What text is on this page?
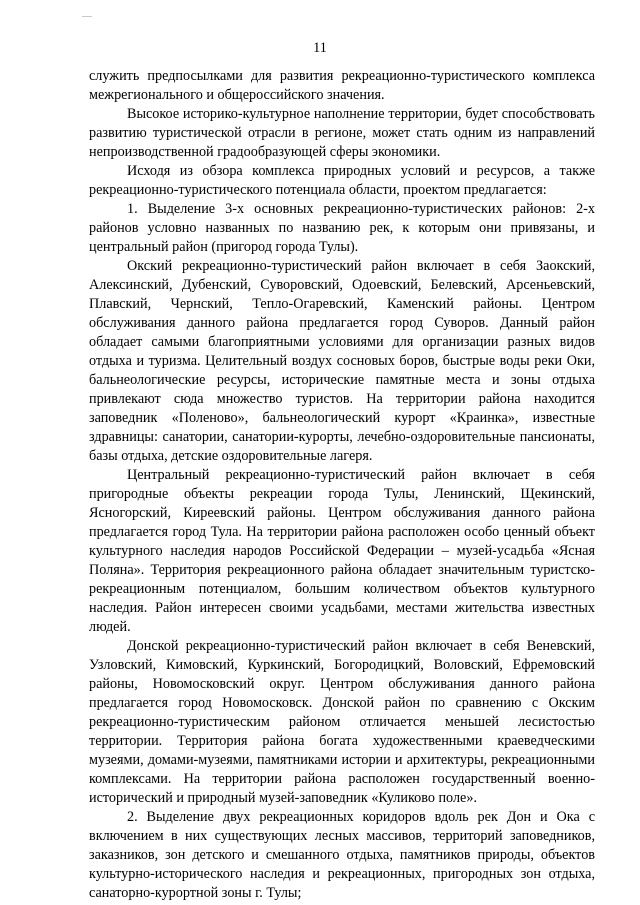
11

служить предпосылками для развития рекреационно-туристического комплекса межрегионального и общероссийского значения.

Высокое историко-культурное наполнение территории, будет способствовать развитию туристической отрасли в регионе, может стать одним из направлений непроизводственной градообразующей сферы экономики.

Исходя из обзора комплекса природных условий и ресурсов, а также рекреационно-туристического потенциала области, проектом предлагается:

1. Выделение 3-х основных рекреационно-туристических районов: 2-х районов условно названных по названию рек, к которым они привязаны, и центральный район (пригород города Тулы).

Окский рекреационно-туристический район включает в себя Заокский, Алексинский, Дубенский, Суворовский, Одоевский, Белевский, Арсеньевский, Плавский, Чернский, Тепло-Огаревский, Каменский районы. Центром обслуживания данного района предлагается город Суворов. Данный район обладает самыми благоприятными условиями для организации разных видов отдыха и туризма. Целительный воздух сосновых боров, быстрые воды реки Оки, бальнеологические ресурсы, исторические памятные места и зоны отдыха привлекают сюда множество туристов. На территории района находится заповедник «Поленово», бальнеологический курорт «Краинка», известные здравницы: санатории, санатории-курорты, лечебно-оздоровительные пансионаты, базы отдыха, детские оздоровительные лагеря.

Центральный рекреационно-туристический район включает в себя пригородные объекты рекреации города Тулы, Ленинский, Щекинский, Ясногорский, Киреевский районы. Центром обслуживания данного района предлагается город Тула. На территории района расположен особо ценный объект культурного наследия народов Российской Федерации – музей-усадьба «Ясная Поляна». Территория рекреационного района обладает значительным туристско-рекреационным потенциалом, большим количеством объектов культурного наследия. Район интересен своими усадьбами, местами жительства известных людей.

Донской рекреационно-туристический район включает в себя Веневский, Узловский, Кимовский, Куркинский, Богородицкий, Воловский, Ефремовский районы, Новомосковский округ. Центром обслуживания данного района предлагается город Новомосковск. Донской район по сравнению с Окским рекреационно-туристическим районом отличается меньшей лесистостью территории. Территория района богата художественными краеведческими музеями, домами-музеями, памятниками истории и архитектуры, рекреационными комплексами. На территории района расположен государственный военно-исторический и природный музей-заповедник «Куликово поле».

2. Выделение двух рекреационных коридоров вдоль рек Дон и Ока с включением в них существующих лесных массивов, территорий заповедников, заказников, зон детского и смешанного отдыха, памятников природы, объектов культурно-исторического наследия и рекреационных, пригородных зон отдыха, санаторно-курортной зоны г. Тулы;
